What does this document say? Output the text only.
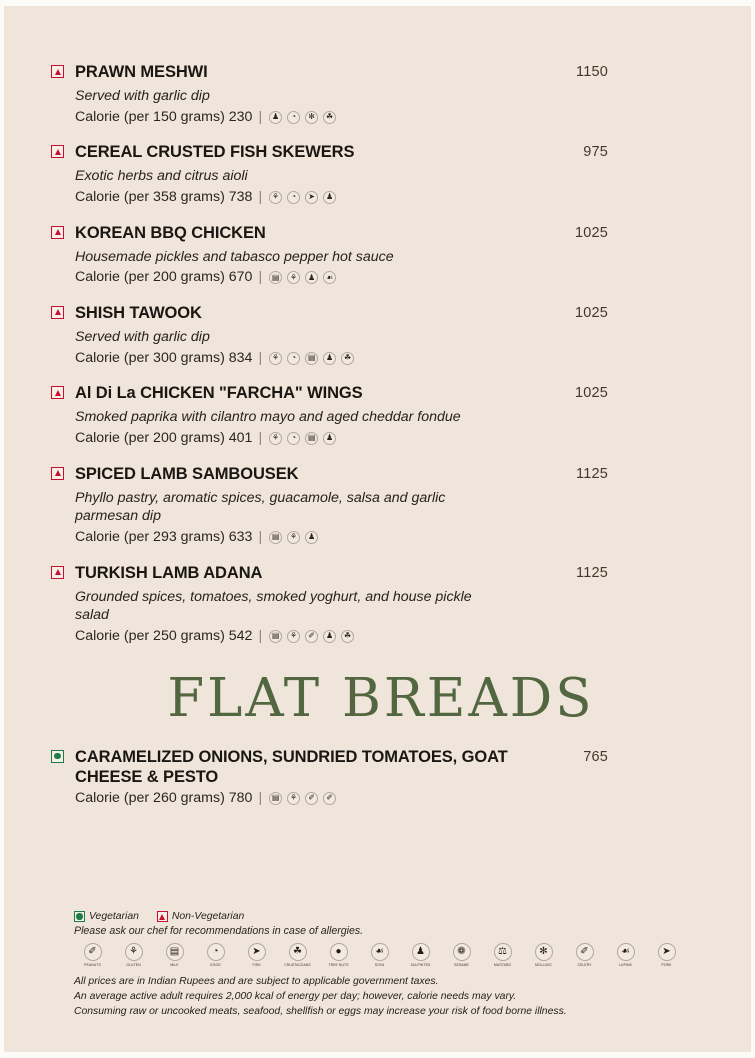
PRAWN MESHWI	1150
Served with garlic dip
Calorie (per 150 grams) 230 |	♟	◔	✻	☘
CEREAL CRUSTED FISH SKEWERS	975
Exotic herbs and citrus aioli
Calorie (per 358 grams) 738 |	⚘	◔	➤	♟
KOREAN BBQ CHICKEN	1025
Housemade pickles and tabasco pepper hot sauce
Calorie (per 200 grams) 670 |	▤	⚘	♟	☙
SHISH TAWOOK	1025
Served with garlic dip
Calorie (per 300 grams) 834 |	⚘	◔	▤	♟	☘
Al Di La CHICKEN "FARCHA" WINGS	1025
Smoked paprika with cilantro mayo and aged cheddar fondue
Calorie (per 200 grams) 401 |	⚘	◔	▤	♟
SPICED LAMB SAMBOUSEK	1125
Phyllo pastry, aromatic spices, guacamole, salsa and garlic parmesan dip
Calorie (per 293 grams) 633 |	▤	⚘	♟
TURKISH LAMB ADANA	1125
Grounded spices, tomatoes, smoked yoghurt, and house pickle salad
Calorie (per 250 grams) 542 |	▤	⚘	✐	♟	☘
FLAT BREADS
CARAMELIZED ONIONS, SUNDRIED TOMATOES, GOAT CHEESE & PESTO
765
Calorie (per 260 grams) 780 |	▤	⚘	✐	✐
Vegetarian	Non-Vegetarian
Please ask our chef for recommendations in case of allergies.
✐
PEANUTS
⚘
GLUTEN
▤
MILK
◔
EGGS
➤
FISH
☘
CRUSTACEANS
●
TREE NUTS
☙
SOYA
♟
SULPHITES
❁
SESAME
⚖
MUSTARD
✻
MOLLUSC
✐
CELERY
☙
LUPINS
➤
PORK
All prices are in Indian Rupees and are subject to applicable government taxes.
An average active adult requires 2,000 kcal of energy per day; however, calorie needs may vary.
Consuming raw or uncooked meats, seafood, shellfish or eggs may increase your risk of food borne illness.
